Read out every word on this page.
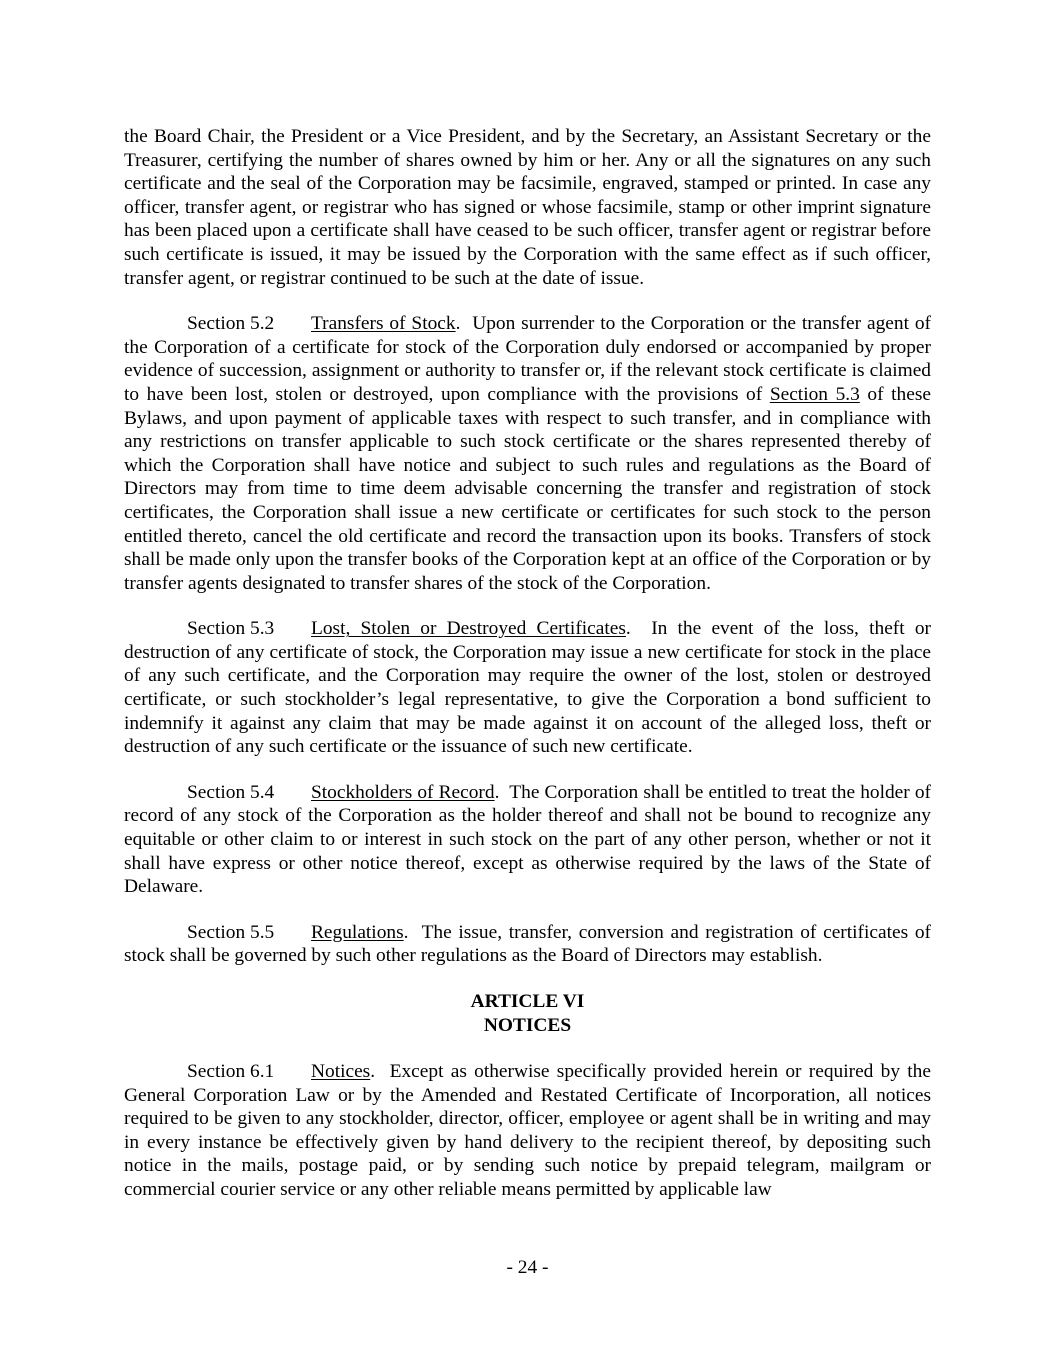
the Board Chair, the President or a Vice President, and by the Secretary, an Assistant Secretary or the Treasurer, certifying the number of shares owned by him or her. Any or all the signatures on any such certificate and the seal of the Corporation may be facsimile, engraved, stamped or printed. In case any officer, transfer agent, or registrar who has signed or whose facsimile, stamp or other imprint signature has been placed upon a certificate shall have ceased to be such officer, transfer agent or registrar before such certificate is issued, it may be issued by the Corporation with the same effect as if such officer, transfer agent, or registrar continued to be such at the date of issue.

Section 5.2 Transfers of Stock.  Upon surrender to the Corporation or the transfer agent of the Corporation of a certificate for stock of the Corporation duly endorsed or accompanied by proper evidence of succession, assignment or authority to transfer or, if the relevant stock certificate is claimed to have been lost, stolen or destroyed, upon compliance with the provisions of Section 5.3 of these Bylaws, and upon payment of applicable taxes with respect to such transfer, and in compliance with any restrictions on transfer applicable to such stock certificate or the shares represented thereby of which the Corporation shall have notice and subject to such rules and regulations as the Board of Directors may from time to time deem advisable concerning the transfer and registration of stock certificates, the Corporation shall issue a new certificate or certificates for such stock to the person entitled thereto, cancel the old certificate and record the transaction upon its books. Transfers of stock shall be made only upon the transfer books of the Corporation kept at an office of the Corporation or by transfer agents designated to transfer shares of the stock of the Corporation.

Section 5.3 Lost, Stolen or Destroyed Certificates.  In the event of the loss, theft or destruction of any certificate of stock, the Corporation may issue a new certificate for stock in the place of any such certificate, and the Corporation may require the owner of the lost, stolen or destroyed certificate, or such stockholder’s legal representative, to give the Corporation a bond sufficient to indemnify it against any claim that may be made against it on account of the alleged loss, theft or destruction of any such certificate or the issuance of such new certificate.

Section 5.4 Stockholders of Record.  The Corporation shall be entitled to treat the holder of record of any stock of the Corporation as the holder thereof and shall not be bound to recognize any equitable or other claim to or interest in such stock on the part of any other person, whether or not it shall have express or other notice thereof, except as otherwise required by the laws of the State of Delaware.

Section 5.5 Regulations.  The issue, transfer, conversion and registration of certificates of stock shall be governed by such other regulations as the Board of Directors may establish.

ARTICLE VI
NOTICES

Section 6.1 Notices.  Except as otherwise specifically provided herein or required by the General Corporation Law or by the Amended and Restated Certificate of Incorporation, all notices required to be given to any stockholder, director, officer, employee or agent shall be in writing and may in every instance be effectively given by hand delivery to the recipient thereof, by depositing such notice in the mails, postage paid, or by sending such notice by prepaid telegram, mailgram or commercial courier service or any other reliable means permitted by applicable law

- 24 -
